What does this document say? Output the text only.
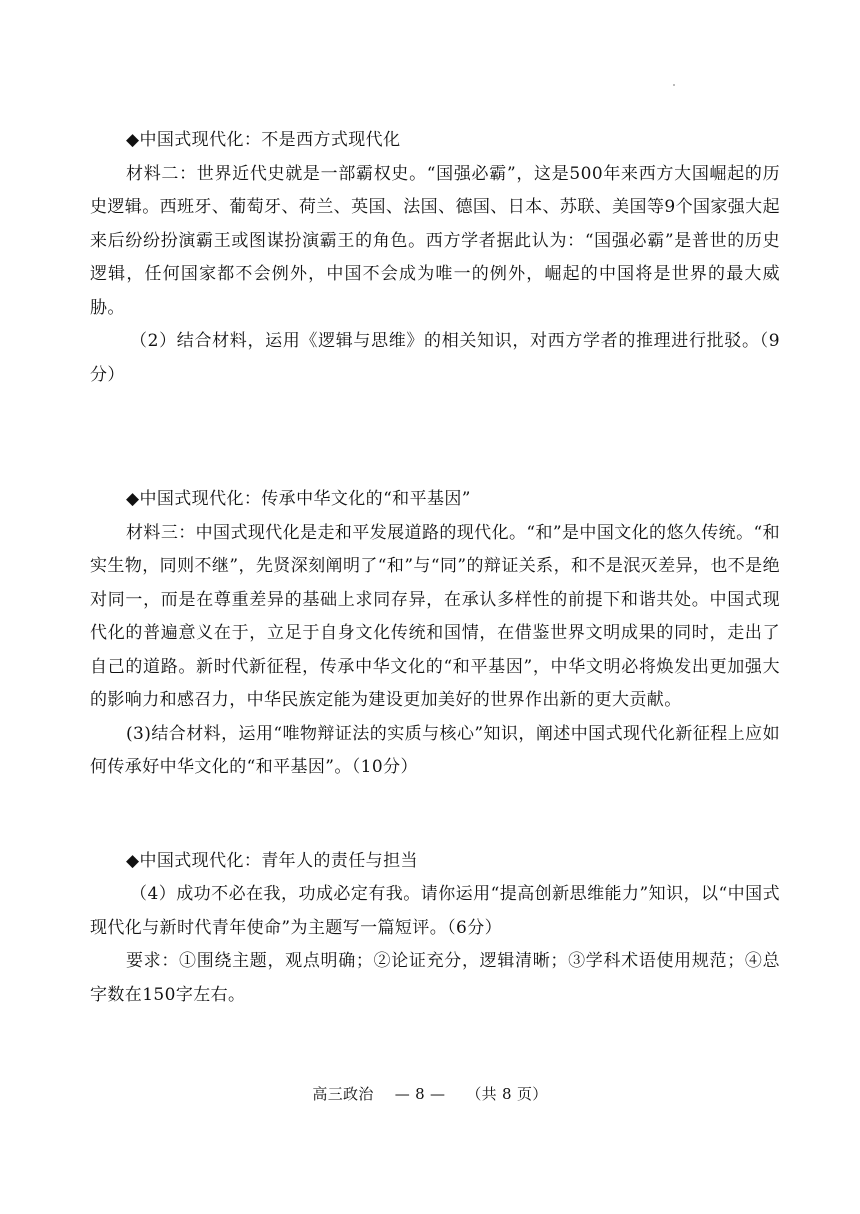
◆中国式现代化：不是西方式现代化

材料二：世界近代史就是一部霸权史。“国强必霸”，这是500年来西方大国崛起的历史逻辑。西班牙、葡萄牙、荷兰、英国、法国、德国、日本、苏联、美国等9个国家强大起来后纷纷扮演霸王或图谋扮演霸王的角色。西方学者据此认为：“国强必霸”是普世的历史逻辑，任何国家都不会例外，中国不会成为唯一的例外，崛起的中国将是世界的最大威胁。

（2）结合材料，运用《逻辑与思维》的相关知识，对西方学者的推理进行批驳。（9分）

◆中国式现代化：传承中华文化的“和平基因”

材料三：中国式现代化是走和平发展道路的现代化。“和”是中国文化的悠久传统。“和实生物，同则不继”，先贤深刻阐明了“和”与“同”的辩证关系，和不是泯灭差异，也不是绝对同一，而是在尊重差异的基础上求同存异，在承认多样性的前提下和谐共处。中国式现代化的普遍意义在于，立足于自身文化传统和国情，在借鉴世界文明成果的同时，走出了自己的道路。新时代新征程，传承中华文化的“和平基因”，中华文明必将焕发出更加强大的影响力和感召力，中华民族定能为建设更加美好的世界作出新的更大贡献。

(3)结合材料，运用“唯物辩证法的实质与核心”知识，阐述中国式现代化新征程上应如何传承好中华文化的“和平基因”。（10分）

◆中国式现代化：青年人的责任与担当

（4）成功不必在我，功成必定有我。请你运用“提高创新思维能力”知识，以“中国式现代化与新时代青年使命”为主题写一篇短评。（6分）

要求：①围绕主题，观点明确；②论证充分，逻辑清晰；③学科术语使用规范；④总字数在150字左右。

高三政治 — 8 — （共 8 页）
